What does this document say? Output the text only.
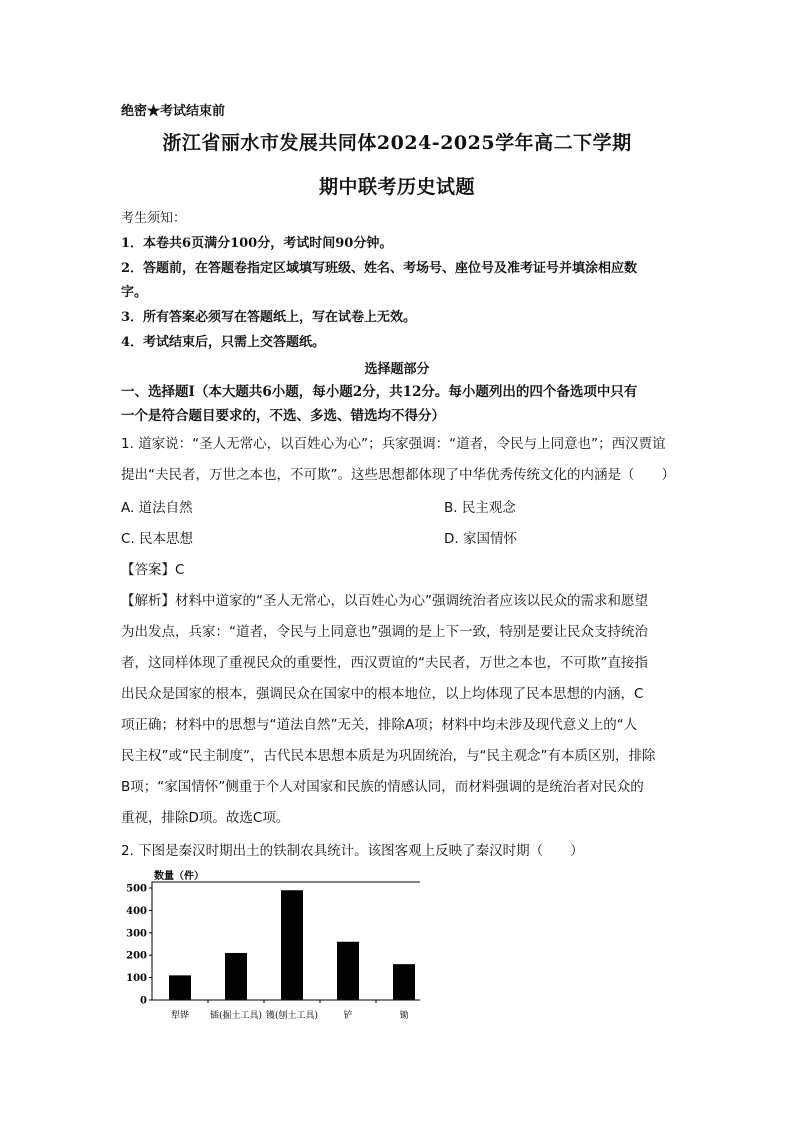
绝密★考试结束前
浙江省丽水市发展共同体2024-2025学年高二下学期
期中联考历史试题
考生须知：
1．本卷共6页满分100分，考试时间90分钟。
2．答题前，在答题卷指定区域填写班级、姓名、考场号、座位号及准考证号并填涂相应数
字。
3．所有答案必须写在答题纸上，写在试卷上无效。
4．考试结束后，只需上交答题纸。
选择题部分
一、选择题Ⅰ（本大题共6小题，每小题2分，共12分。每小题列出的四个备选项中只有
一个是符合题目要求的，不选、多选、错选均不得分）
1. 道家说：“圣人无常心，以百姓心为心”；兵家强调：“道者，令民与上同意也”；西汉贾谊
提出“夫民者，万世之本也，不可欺”。这些思想都体现了中华优秀传统文化的内涵是（　　）
A. 道法自然	B. 民主观念
C. 民本思想	D. 家国情怀
【答案】C
【解析】材料中道家的“圣人无常心，以百姓心为心”强调统治者应该以民众的需求和愿望
为出发点，兵家：“道者，令民与上同意也”强调的是上下一致，特别是要让民众支持统治
者，这同样体现了重视民众的重要性，西汉贾谊的“夫民者，万世之本也，不可欺”直接指
出民众是国家的根本，强调民众在国家中的根本地位，以上均体现了民本思想的内涵，C
项正确；材料中的思想与“道法自然”无关，排除A项；材料中均未涉及现代意义上的“人
民主权”或“民主制度”，古代民本思想本质是为巩固统治，与“民主观念”有本质区别，排除
B项；“家国情怀”侧重于个人对国家和民族的情感认同，而材料强调的是统治者对民众的
重视，排除D项。故选C项。
2. 下图是秦汉时期出土的铁制农具统计。该图客观上反映了秦汉时期（　　）
数量（件）
0
100
200
300
400
500
犁铧 锸(掘土工具) 镬(刨土工具)	铲	锄
